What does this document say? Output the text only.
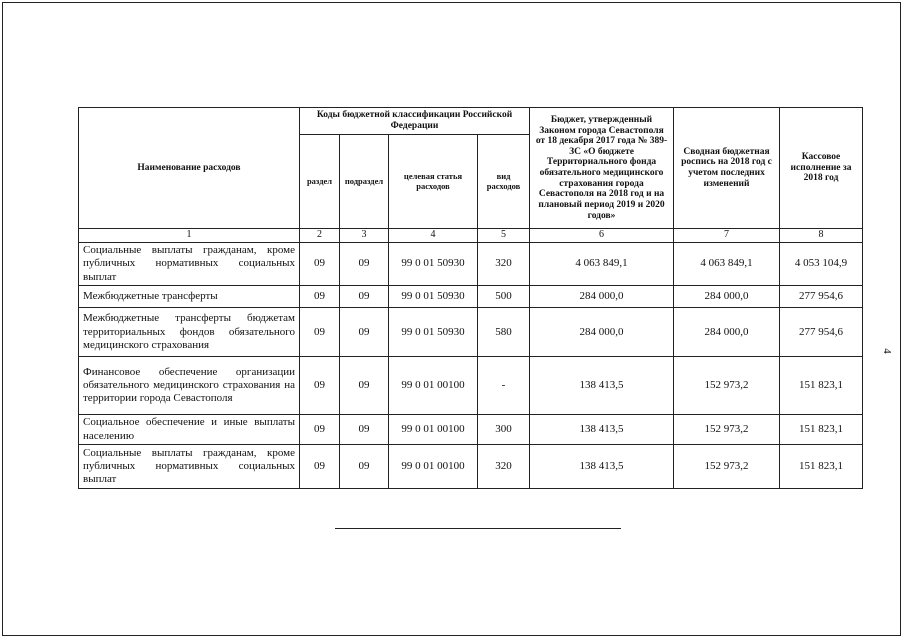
Наименование расходов	Коды бюджетной классификации Российской Федерации				Бюджет, утвержденный Законом города Севастополя от 18 декабря 2017 года № 389-ЗС «О бюджете Территориального фонда обязательного медицинского страхования города Севастополя на 2018 год и на плановый период 2019 и 2020 годов»	Сводная бюджетная роспись на 2018 год с учетом последних изменений	Кассовое исполнение за 2018 год
	раздел	подраздел	целевая статья расходов	вид расходов			
1	2	3	4	5	6	7	8
Социальные выплаты гражданам, кроме публичных нормативных социальных выплат	09	09	99 0 01 50930	320	4 063 849,1	4 063 849,1	4 053 104,9
Межбюджетные трансферты	09	09	99 0 01 50930	500	284 000,0	284 000,0	277 954,6
Межбюджетные трансферты бюджетам территориальных фондов обязательного медицинского страхования	09	09	99 0 01 50930	580	284 000,0	284 000,0	277 954,6
Финансовое обеспечение организации обязательного медицинского страхования на территории города Севастополя	09	09	99 0 01 00100	-	138 413,5	152 973,2	151 823,1
Социальное обеспечение и иные выплаты населению	09	09	99 0 01 00100	300	138 413,5	152 973,2	151 823,1
Социальные выплаты гражданам, кроме публичных нормативных социальных выплат	09	09	99 0 01 00100	320	138 413,5	152 973,2	151 823,1
4
